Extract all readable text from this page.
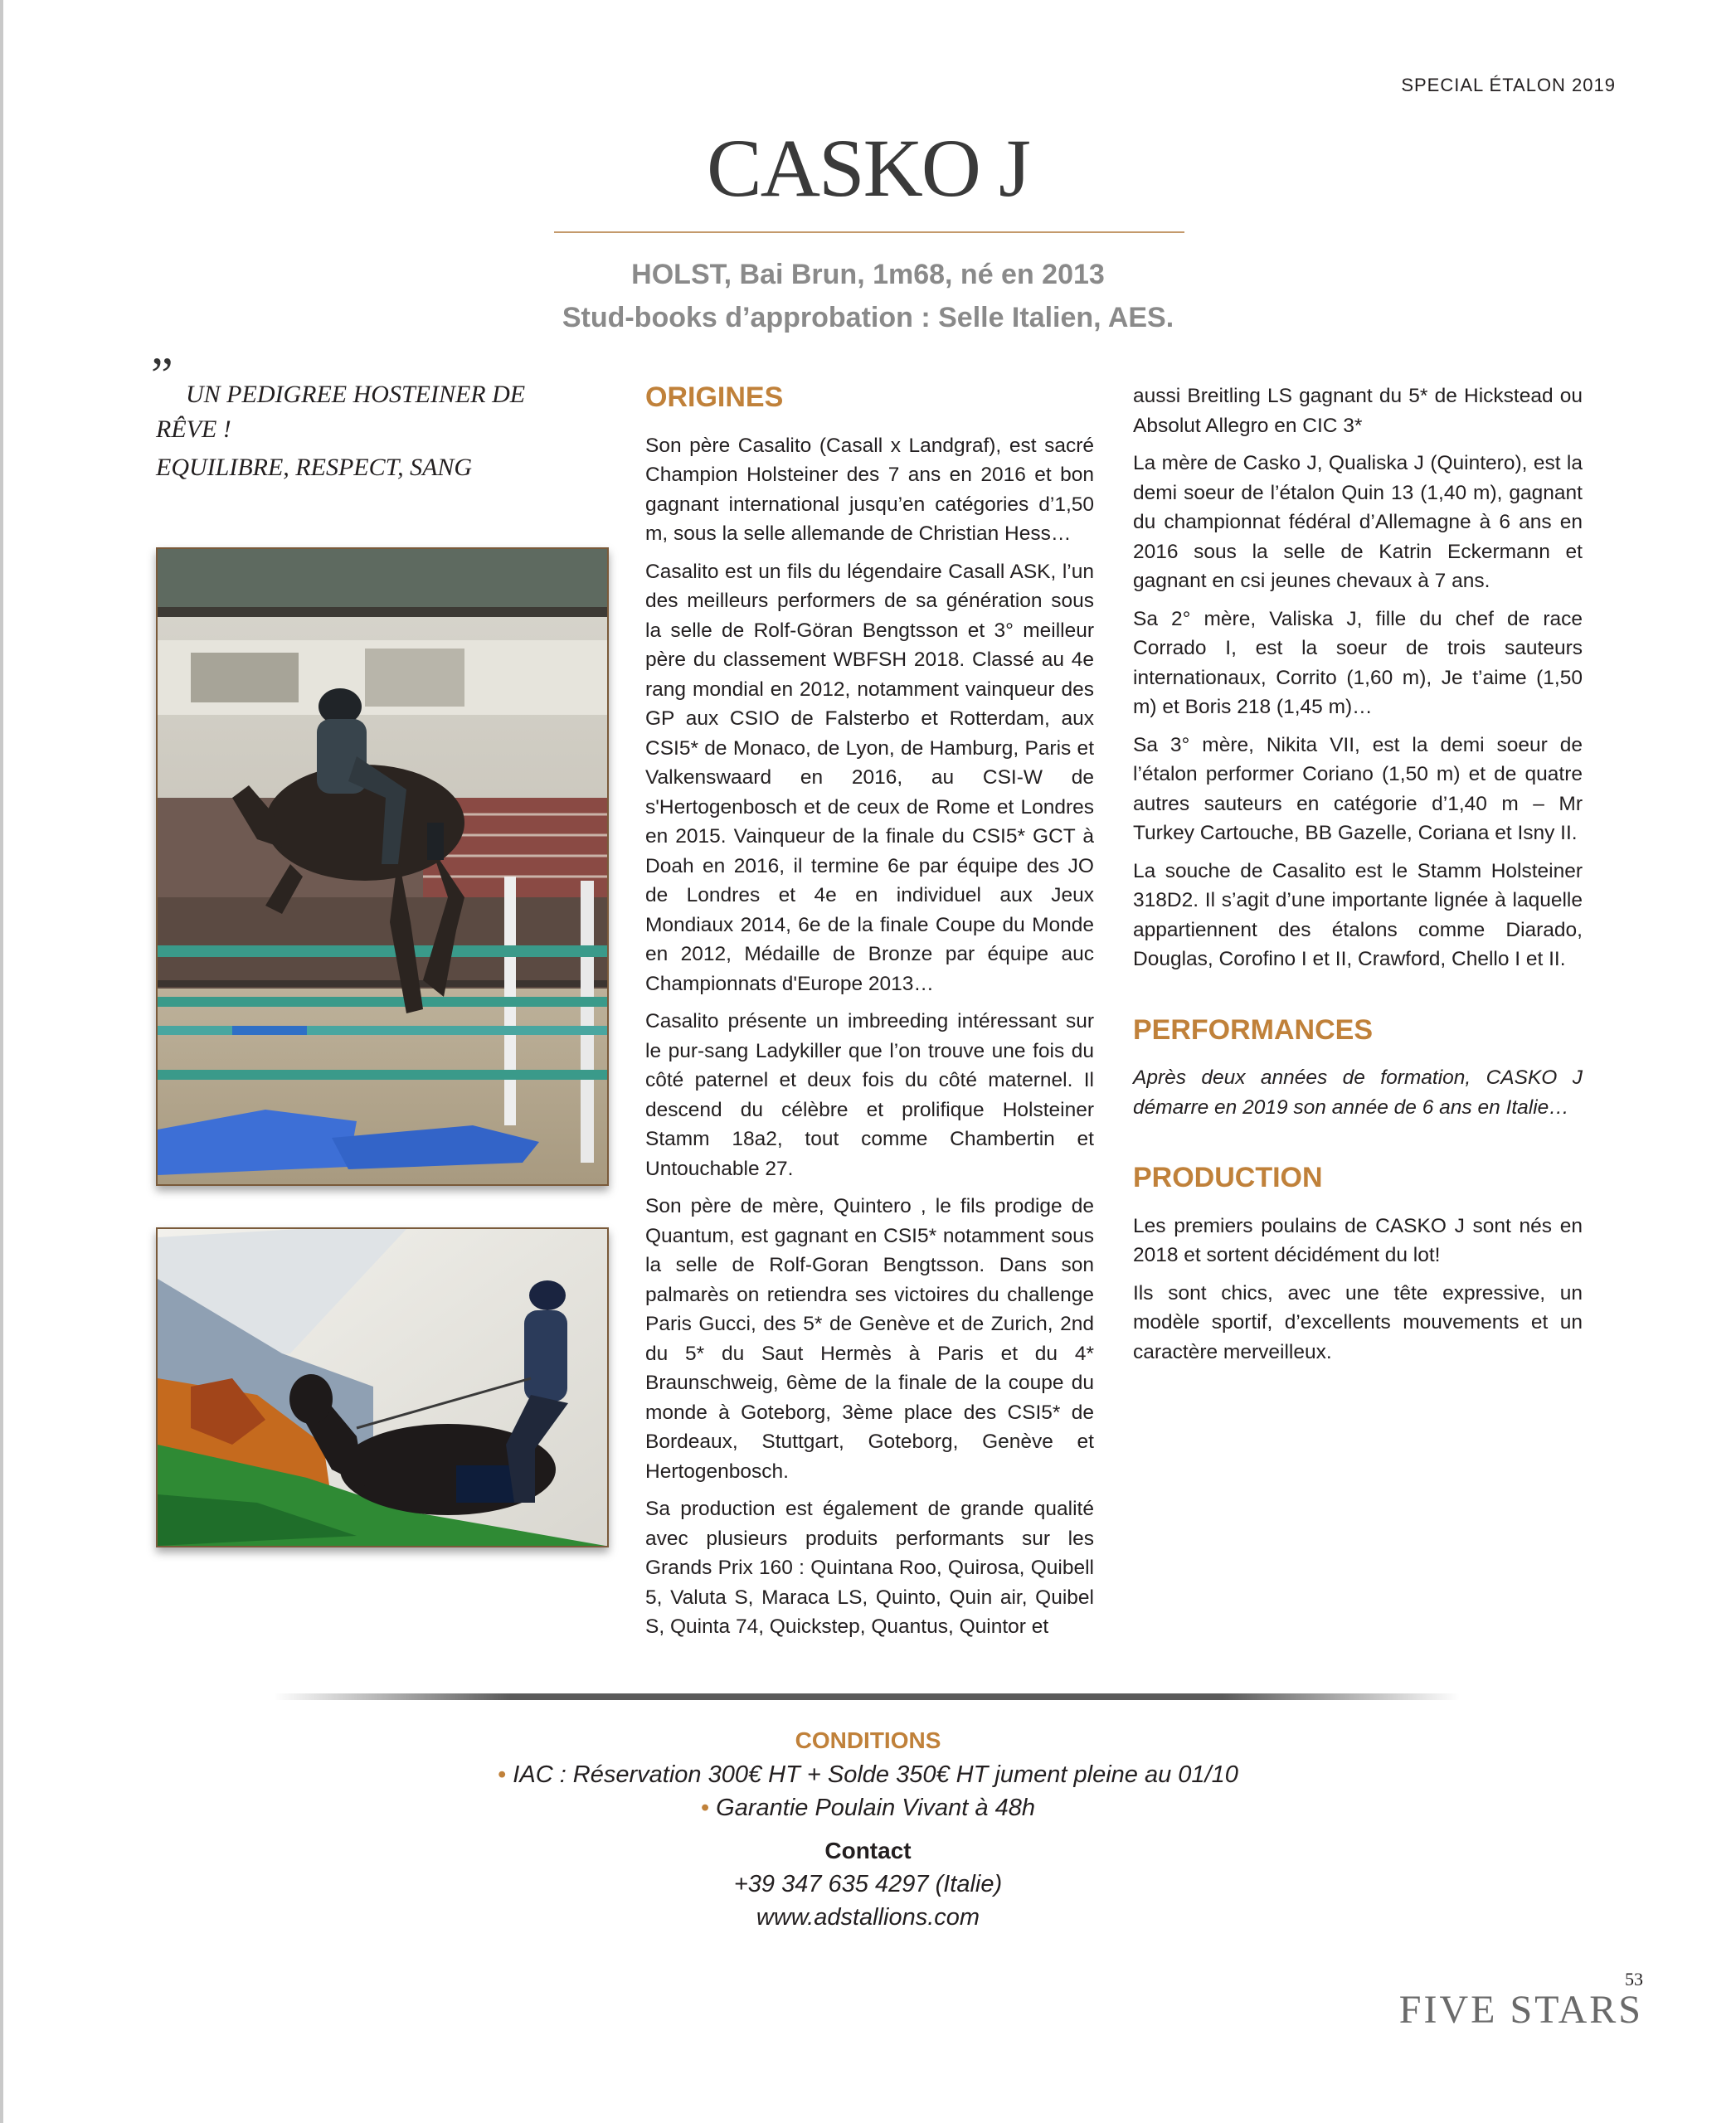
SPECIAL ÉTALON 2019
CASKO J
HOLST, Bai Brun, 1m68, né en 2013
Stud-books d’approbation : Selle Italien, AES.
” UN PEDIGREE HOSTEINER DE RÊVE !

EQUILIBRE, RESPECT, SANG

ORIGINES

Son père Casalito (Casall x Landgraf), est sacré Champion Holsteiner des 7 ans en 2016 et bon gagnant international jusqu’en catégories d’1,50 m, sous la selle allemande de Christian Hess…

Casalito est un fils du légendaire Casall ASK, l’un des meilleurs performers de sa génération sous la selle de Rolf-Göran Bengtsson et 3° meilleur père du classement WBFSH 2018. Classé au 4e rang mondial en 2012, notamment vainqueur des GP aux CSIO de Falsterbo et Rotterdam, aux CSI5* de Monaco, de Lyon, de Hamburg, Paris et Valkenswaard en 2016, au CSI-W de s'Hertogenbosch et de ceux de Rome et Londres en 2015. Vainqueur de la finale du CSI5* GCT à Doah en 2016, il termine 6e par équipe des JO de Londres et 4e en individuel aux Jeux Mondiaux 2014, 6e de la finale Coupe du Monde en 2012, Médaille de Bronze par équipe auc Championnats d'Europe 2013…

Casalito présente un imbreeding intéressant sur le pur-sang Ladykiller que l’on trouve une fois du côté paternel et deux fois du côté maternel. Il descend du célèbre et prolifique Holsteiner Stamm 18a2, tout comme Chambertin et Untouchable 27.

Son père de mère, Quintero , le fils prodige de Quantum, est gagnant en CSI5* notamment sous la selle de Rolf-Goran Bengtsson. Dans son palmarès on retiendra ses victoires du challenge Paris Gucci, des 5* de Genève et de Zurich, 2nd du 5* du Saut Hermès à Paris et du 4* Braunschweig, 6ème de la finale de la coupe du monde à Goteborg, 3ème place des CSI5* de Bordeaux, Stuttgart, Goteborg, Genève et Hertogenbosch.

Sa production est également de grande qualité avec plusieurs produits performants sur les Grands Prix 160 : Quintana Roo, Quirosa, Quibell 5, Valuta S, Maraca LS, Quinto, Quin air, Quibel S, Quinta 74, Quickstep, Quantus, Quintor et

aussi Breitling LS gagnant du 5* de Hickstead ou Absolut Allegro en CIC 3*

La mère de Casko J, Qualiska J (Quintero), est la demi soeur de l’étalon Quin 13 (1,40 m), gagnant du championnat fédéral d’Allemagne à 6 ans en 2016 sous la selle de Katrin Eckermann et gagnant en csi jeunes chevaux à 7 ans.

Sa 2° mère, Valiska J, fille du chef de race Corrado I, est la soeur de trois sauteurs internationaux, Corrito (1,60 m), Je t’aime (1,50 m) et Boris 218 (1,45 m)…

Sa 3° mère, Nikita VII, est la demi soeur de l’étalon performer Coriano (1,50 m) et de quatre autres sauteurs en catégorie d’1,40 m – Mr Turkey Cartouche, BB Gazelle, Coriana et Isny II.

La souche de Casalito est le Stamm Holsteiner 318D2. Il s’agit d’une importante lignée à laquelle appartiennent des étalons comme Diarado, Douglas, Corofino I et II, Crawford, Chello I et II.

PERFORMANCES

Après deux années de formation, CASKO J démarre en 2019 son année de 6 ans en Italie…

PRODUCTION

Les premiers poulains de CASKO J sont nés en 2018 et sortent décidément du lot!

Ils sont chics, avec une tête expressive, un modèle sportif, d’excellents mouvements et un caractère merveilleux.

CONDITIONS
• IAC : Réservation 300€ HT + Solde 350€ HT jument pleine au 01/10
• Garantie Poulain Vivant à 48h
Contact
+39 347 635 4297 (Italie)
www.adstallions.com
53
FIVE STARS
